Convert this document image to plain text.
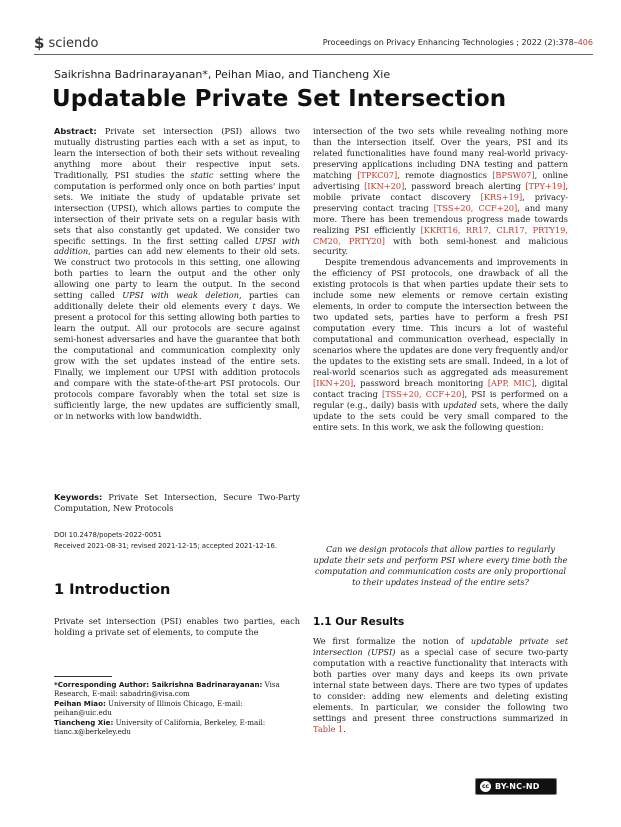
$ sciendo	Proceedings on Privacy Enhancing Technologies ; 2022 (2):378–406
Saikrishna Badrinarayanan*, Peihan Miao, and Tiancheng Xie
Updatable Private Set Intersection

Abstract: Private set intersection (PSI) allows two mutually distrusting parties each with a set as input, to learn the intersection of both their sets without revealing anything more about their respective input sets. Traditionally, PSI studies the static setting where the computation is performed only once on both parties' input sets. We initiate the study of updatable private set intersection (UPSI), which allows parties to compute the intersection of their private sets on a regular basis with sets that also constantly get updated. We consider two specific settings. In the first setting called UPSI with addition, parties can add new elements to their old sets. We construct two protocols in this setting, one allowing both parties to learn the output and the other only allowing one party to learn the output. In the second setting called UPSI with weak deletion, parties can additionally delete their old elements every t days. We present a protocol for this setting allowing both parties to learn the output. All our protocols are secure against semi-honest adversaries and have the guarantee that both the computational and communication complexity only grow with the set updates instead of the entire sets. Finally, we implement our UPSI with addition protocols and compare with the state-of-the-art PSI protocols. Our protocols compare favorably when the total set size is sufficiently large, the new updates are sufficiently small, or in networks with low bandwidth.

Keywords: Private Set Intersection, Secure Two-Party Computation, New Protocols

DOI 10.2478/popets-2022-0051
Received 2021-08-31; revised 2021-12-15; accepted 2021-12-16.
1 Introduction
Private set intersection (PSI) enables two parties, each holding a private set of elements, to compute the

*Corresponding Author: Saikrishna Badrinarayanan: Visa Research, E-mail: sabadrin@visa.com

Peihan Miao: University of Illinois Chicago, E-mail: peihan@uic.edu

Tiancheng Xie: University of California, Berkeley, E-mail: tianc.x@berkeley.edu

intersection of the two sets while revealing nothing more than the intersection itself. Over the years, PSI and its related functionalities have found many real-world privacy-preserving applications including DNA testing and pattern matching [TPKC07], remote diagnostics [BPSW07], online advertising [IKN+20], password breach alerting [TPY+19], mobile private contact discovery [KRS+19], privacy-preserving contact tracing [TSS+20, CCF+20], and many more. There has been tremendous progress made towards realizing PSI efficiently [KKRT16, RR17, CLR17, PRTY19, CM20, PRTY20] with both semi-honest and malicious security.

Despite tremendous advancements and improvements in the efficiency of PSI protocols, one drawback of all the existing protocols is that when parties update their sets to include some new elements or remove certain existing elements, in order to compute the intersection between the two updated sets, parties have to perform a fresh PSI computation every time. This incurs a lot of wasteful computational and communication overhead, especially in scenarios where the updates are done very frequently and/or the updates to the existing sets are small. Indeed, in a lot of real-world scenarios such as aggregated ads measurement [IKN+20], password breach monitoring [APP, MIC], digital contact tracing [TSS+20, CCF+20], PSI is performed on a regular (e.g., daily) basis with updated sets, where the daily update to the sets could be very small compared to the entire sets. In this work, we ask the following question:

Can we design protocols that allow parties to regularly update their sets and perform PSI where every time both the computation and communication costs are only proportional to their updates instead of the entire sets?
1.1 Our Results

We first formalize the notion of updatable private set intersection (UPSI) as a special case of secure two-party computation with a reactive functionality that interacts with both parties over many days and keeps its own private internal state between days. There are two types of updates to consider: adding new elements and deleting existing elements. In particular, we consider the following two settings and present three constructions summarized in Table 1.

cc BY-NC-ND
